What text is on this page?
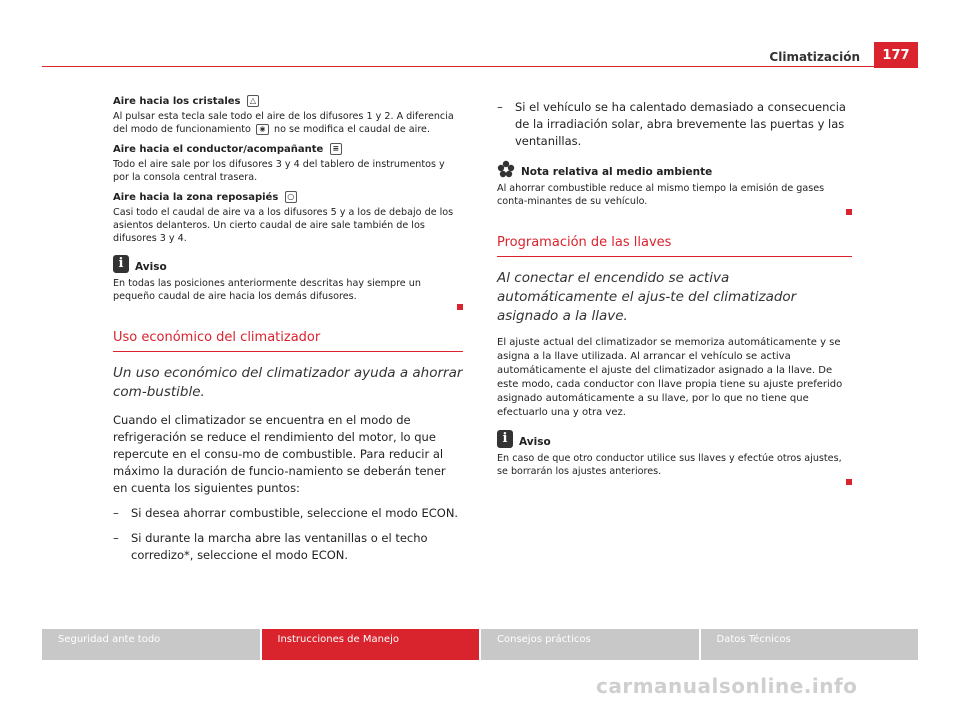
Climatización	177
Aire hacia los cristales △

Al pulsar esta tecla sale todo el aire de los difusores 1 y 2. A diferencia del modo de funcionamiento ◉ no se modifica el caudal de aire.

Aire hacia el conductor/acompañante ≡

Todo el aire sale por los difusores 3 y 4 del tablero de instrumentos y por la consola central trasera.

Aire hacia la zona reposapiés ○

Casi todo el caudal de aire va a los difusores 5 y a los de debajo de los asientos delanteros. Un cierto caudal de aire sale también de los difusores 3 y 4.

i	Aviso

En todas las posiciones anteriormente descritas hay siempre un pequeño caudal de aire hacia los demás difusores.

Uso económico del climatizador
Un uso económico del climatizador ayuda a ahorrar com-bustible.

Cuando el climatizador se encuentra en el modo de refrigeración se reduce el rendimiento del motor, lo que repercute en el consu-mo de combustible. Para reducir al máximo la duración de funcio-namiento se deberán tener en cuenta los siguientes puntos:

–	Si desea ahorrar combustible, seleccione el modo ECON.
–	Si durante la marcha abre las ventanillas o el techo corredizo*, seleccione el modo ECON.
–	Si el vehículo se ha calentado demasiado a consecuencia de la irradiación solar, abra brevemente las puertas y las ventanillas.
Nota relativa al medio ambiente

Al ahorrar combustible reduce al mismo tiempo la emisión de gases conta-minantes de su vehículo.

Programación de las llaves
Al conectar el encendido se activa automáticamente el ajus-te del climatizador asignado a la llave.

El ajuste actual del climatizador se memoriza automáticamente y se asigna a la llave utilizada. Al arrancar el vehículo se activa automáticamente el ajuste del climatizador asignado a la llave. De este modo, cada conductor con llave propia tiene su ajuste preferido asignado automáticamente a su llave, por lo que no tiene que efectuarlo una y otra vez.

i	Aviso

En caso de que otro conductor utilice sus llaves y efectúe otros ajustes, se borrarán los ajustes anteriores.

Seguridad ante todo	Instrucciones de Manejo	Consejos prácticos	Datos Técnicos
carmanualsonline.info
